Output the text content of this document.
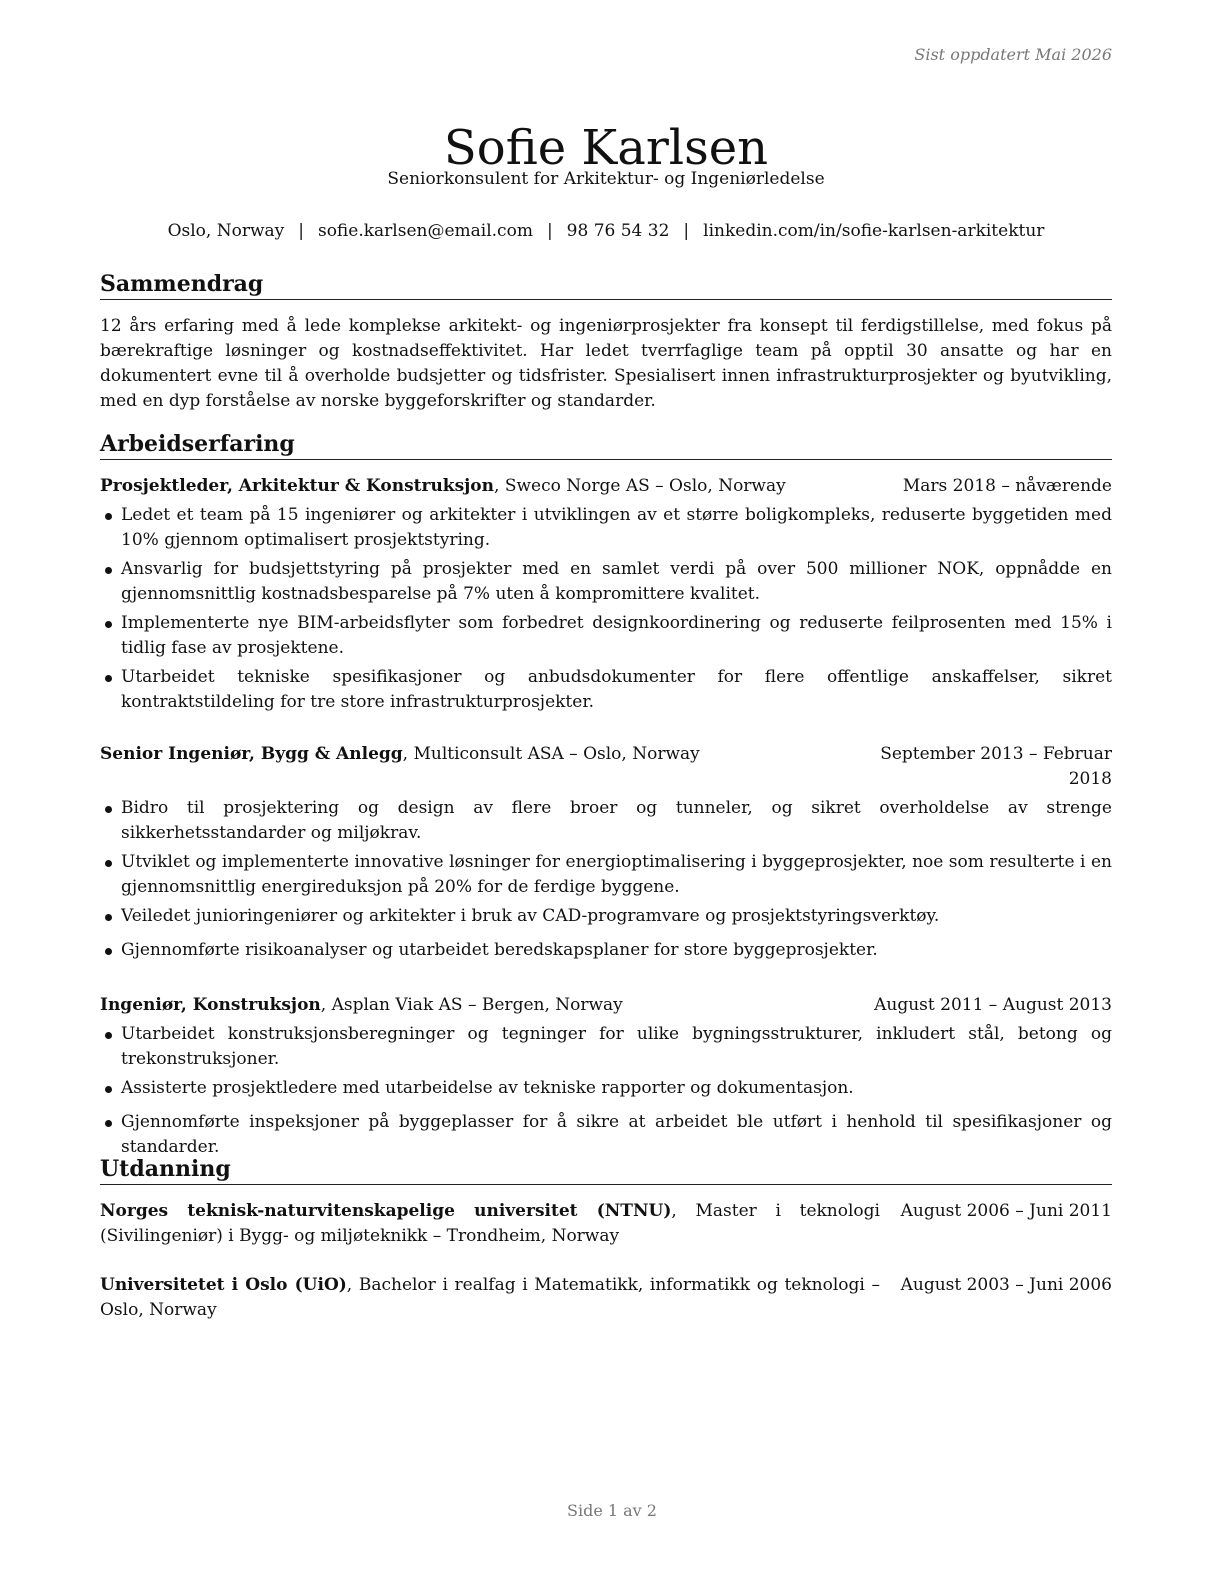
Sist oppdatert Mai 2026
Sofie Karlsen
Seniorkonsulent for Arkitektur- og Ingeniørledelse
Oslo, Norway | sofie.karlsen@email.com | 98 76 54 32 | linkedin.com/in/sofie-karlsen-arkitektur
Sammendrag

12 års erfaring med å lede komplekse arkitekt- og ingeniørprosjekter fra konsept til ferdigstillelse, med fokus på bærekraftige løsninger og kostnadseffektivitet. Har ledet tverrfaglige team på opptil 30 ansatte og har en dokumentert evne til å overholde budsjetter og tidsfrister. Spesialisert innen infrastrukturprosjekter og byutvikling, med en dyp forståelse av norske byggeforskrifter og standarder.

Arbeidserfaring
Prosjektleder, Arkitektur & Konstruksjon, Sweco Norge AS – Oslo, Norway	Mars 2018 – nåværende
Ledet et team på 15 ingeniører og arkitekter i utviklingen av et større boligkompleks, reduserte byggetiden med 10% gjennom optimalisert prosjektstyring.
Ansvarlig for budsjettstyring på prosjekter med en samlet verdi på over 500 millioner NOK, oppnådde en gjennomsnittlig kostnadsbesparelse på 7% uten å kompromittere kvalitet.
Implementerte nye BIM-arbeidsflyter som forbedret designkoordinering og reduserte feilprosenten med 15% i tidlig fase av prosjektene.
Utarbeidet tekniske spesifikasjoner og anbudsdokumenter for flere offentlige anskaffelser, sikret kontraktstildeling for tre store infrastrukturprosjekter.
Senior Ingeniør, Bygg & Anlegg, Multiconsult ASA – Oslo, Norway	September 2013 – Februar 2018
Bidro til prosjektering og design av flere broer og tunneler, og sikret overholdelse av strenge sikkerhetsstandarder og miljøkrav.
Utviklet og implementerte innovative løsninger for energioptimalisering i byggeprosjekter, noe som resulterte i en gjennomsnittlig energireduksjon på 20% for de ferdige byggene.
Veiledet junioringeniører og arkitekter i bruk av CAD-programvare og prosjektstyringsverktøy.
Gjennomførte risikoanalyser og utarbeidet beredskapsplaner for store byggeprosjekter.
Ingeniør, Konstruksjon, Asplan Viak AS – Bergen, Norway	August 2011 – August 2013
Utarbeidet konstruksjonsberegninger og tegninger for ulike bygningsstrukturer, inkludert stål, betong og trekonstruksjoner.
Assisterte prosjektledere med utarbeidelse av tekniske rapporter og dokumentasjon.
Gjennomførte inspeksjoner på byggeplasser for å sikre at arbeidet ble utført i henhold til spesifikasjoner og standarder.
Utdanning
Norges teknisk-naturvitenskapelige universitet (NTNU), Master i teknologi (Sivilingeniør) i Bygg- og miljøteknikk – Trondheim, Norway
August 2006 – Juni 2011
Universitetet i Oslo (UiO), Bachelor i realfag i Matematikk, informatikk og teknologi – Oslo, Norway
August 2003 – Juni 2006
Side 1 av 2
